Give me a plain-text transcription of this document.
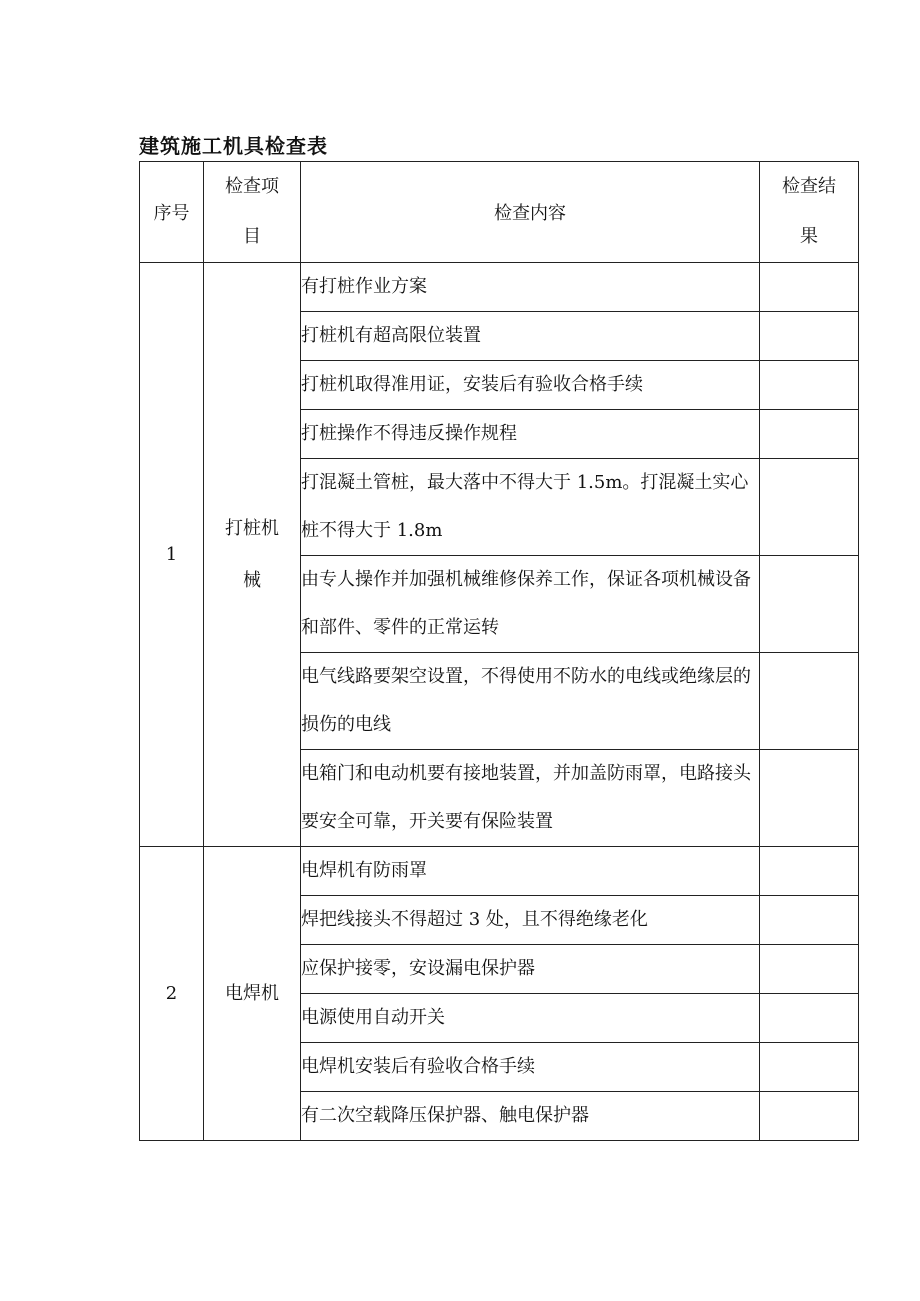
建筑施工机具检查表
序号	检查项目	检查内容	检查结果
1	打桩机械	有打桩作业方案	
		打桩机有超高限位装置	
		打桩机取得准用证，安装后有验收合格手续	
		打桩操作不得违反操作规程	
		打混凝土管桩，最大落中不得大于 1.5m。打混凝土实心桩不得大于 1.8m	
		由专人操作并加强机械维修保养工作，保证各项机械设备和部件、零件的正常运转	
		电气线路要架空设置，不得使用不防水的电线或绝缘层的损伤的电线	
		电箱门和电动机要有接地装置，并加盖防雨罩，电路接头要安全可靠，开关要有保险装置	
2	电焊机	电焊机有防雨罩	
		焊把线接头不得超过 3 处，且不得绝缘老化	
		应保护接零，安设漏电保护器	
		电源使用自动开关	
		电焊机安装后有验收合格手续	
		有二次空载降压保护器、触电保护器	
